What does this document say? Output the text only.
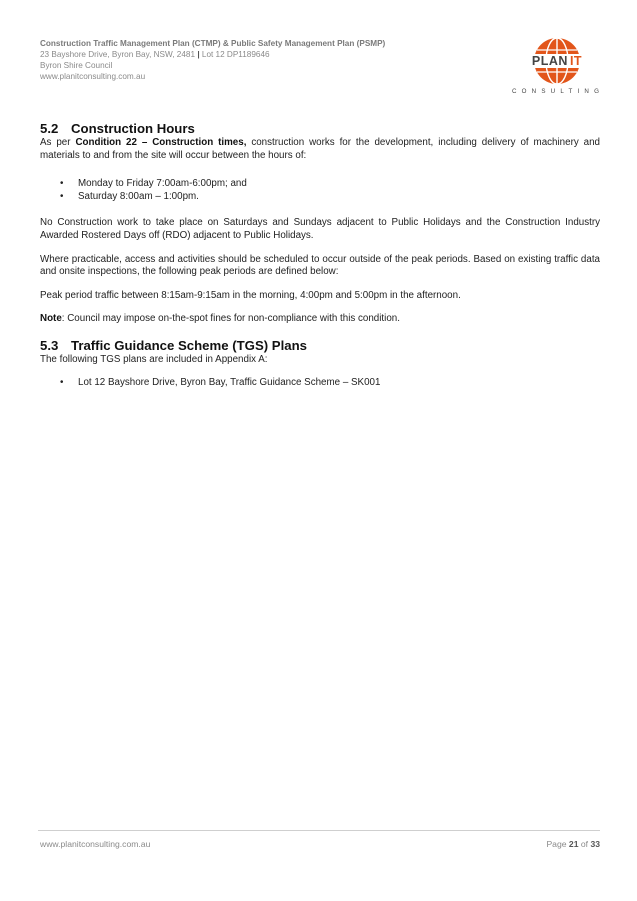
Construction Traffic Management Plan (CTMP) & Public Safety Management Plan (PSMP)
23 Bayshore Drive, Byron Bay, NSW, 2481 | Lot 12 DP1189646
Byron Shire Council
www.planitconsulting.com.au
PLAN IT
CONSULTING
5.2 Construction Hours

As per Condition 22 – Construction times, construction works for the development, including delivery of machinery and materials to and from the site will occur between the hours of:

• Monday to Friday 7:00am-6:00pm; and
• Saturday 8:00am – 1:00pm.

No Construction work to take place on Saturdays and Sundays adjacent to Public Holidays and the Construction Industry Awarded Rostered Days off (RDO) adjacent to Public Holidays.

Where practicable, access and activities should be scheduled to occur outside of the peak periods. Based on existing traffic data and onsite inspections, the following peak periods are defined below:

Peak period traffic between 8:15am-9:15am in the morning, 4:00pm and 5:00pm in the afternoon.

Note: Council may impose on-the-spot fines for non-compliance with this condition.

5.3 Traffic Guidance Scheme (TGS) Plans

The following TGS plans are included in Appendix A:

• Lot 12 Bayshore Drive, Byron Bay, Traffic Guidance Scheme – SK001
www.planitconsulting.com.au	Page 21 of 33
